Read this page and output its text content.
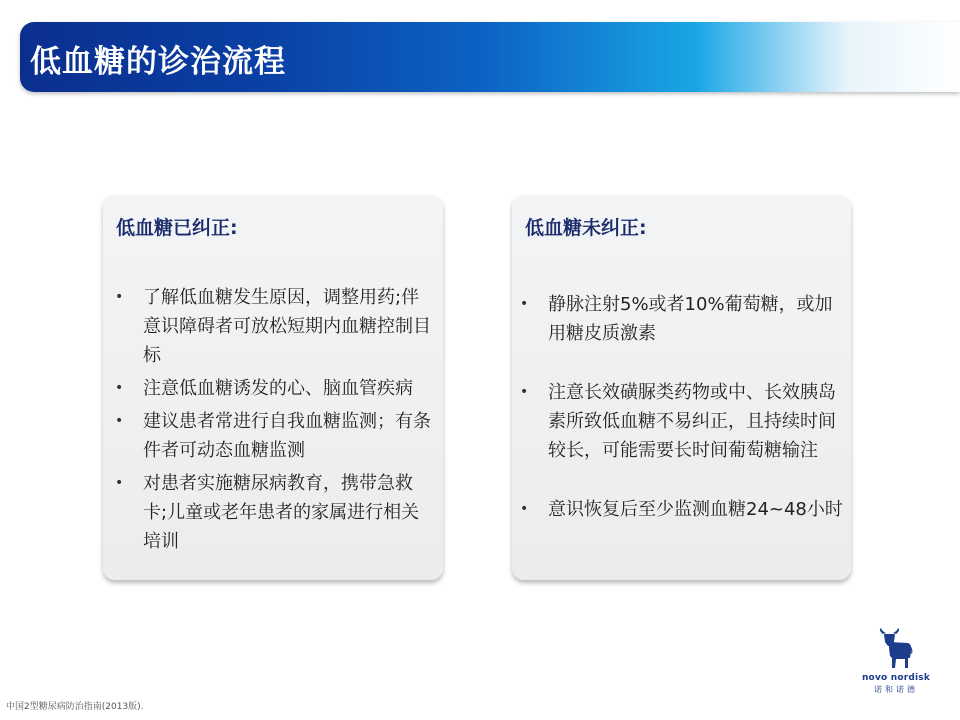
低血糖的诊治流程
低血糖已纠正:
•	了解低血糖发生原因，调整用药;伴意识障碍者可放松短期内血糖控制目标
•	注意低血糖诱发的心、脑血管疾病
•	建议患者常进行自我血糖监测；有条件者可动态血糖监测
•	对患者实施糖尿病教育，携带急救卡;儿童或老年患者的家属进行相关培训
低血糖未纠正:
•	静脉注射5%或者10%葡萄糖，或加用糖皮质激素
•	注意长效磺脲类药物或中、长效胰岛素所致低血糖不易纠正，且持续时间较长，可能需要长时间葡萄糖输注
•	意识恢复后至少监测血糖24~48小时
中国2型糖尿病防治指南(2013版).
novo nordisk
诺和诺德
